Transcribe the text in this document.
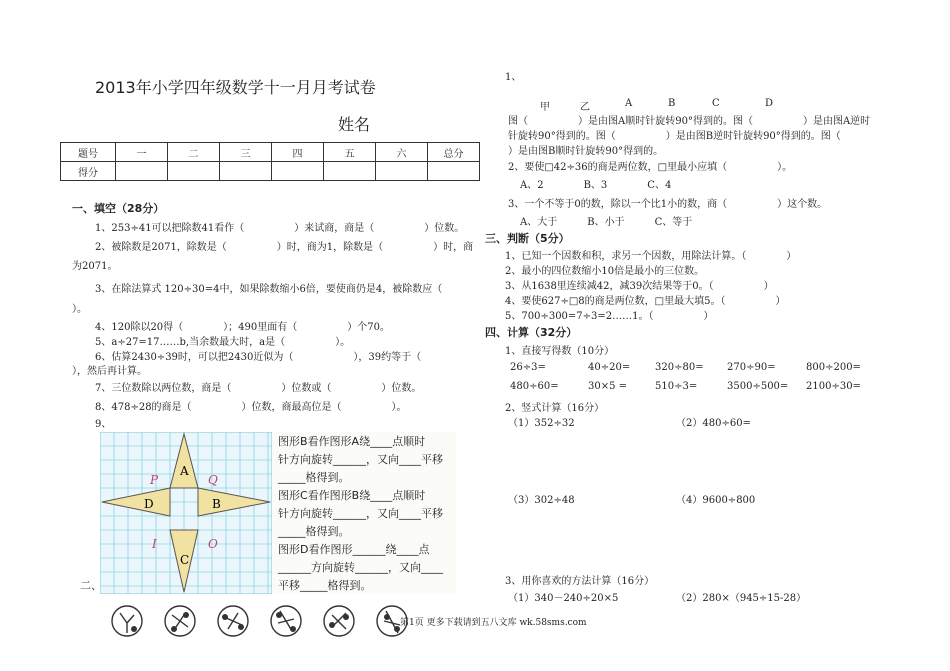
2013年小学四年级数学十一月月考试卷
姓名
题号	一	二	三	四	五	六	总分
得分							
一、填空（28分）
1、253÷41可以把除数41看作（　　　　　）来试商，商是（　　　　　）位数。
2、被除数是2071，除数是（　　　　　）时，商为1，除数是（　　　　　）时，商
为2071。
3、在除法算式 120÷30=4中，如果除数缩小6倍，要使商仍是4，被除数应（
）。
4、120除以20得（　　　　）；490里面有（　　　　　）个70。
5、a÷27=17……b,当余数最大时，a是（　　　　　）。
6、估算2430÷39时，可以把2430近似为（　　　　　　），39约等于（
），然后再计算。
7、三位数除以两位数，商是（　　　　　）位数或（　　　　　）位数。
8、478÷28的商是（　　　　　）位数，商最高位是（　　　　　）。
9、
A
B
C
D
P	Q
I	O
图形B看作图形A绕____点顺时
针方向旋转______，又向____平移
_____格得到。
图形C看作图形B绕____点顺时
针方向旋转______，又向____平移
_____格得到。
图形D看作图形______绕____点
______方向旋转______，又向____
平移_____格得到。
二、
1、
甲	乙	A	B	C	D
图（　　　　　）是由图A顺时针旋转90°得到的。图（　　　　　）是由图A逆时
针旋转90°得到的。图（　　　　　）是由图B逆时针旋转90°得到的。图（
）是由图B顺时针旋转90°得到的。
2、要使□42÷36的商是两位数，□里最小应填（　　　　　）。
A、2　　　　B、3　　　　C、4
3、一个不等于0的数，除以一个比1小的数，商（　　　　　）这个数。
A、大于　　　B、小于　　　C、等于
三、判断（5分）
1、已知一个因数和积，求另一个因数，用除法计算。（　　　　）
2、最小的四位数缩小10倍是最小的三位数。
3、从1638里连续减42，减39次结果等于0。（　　　　　）
4、要使627÷□8的商是两位数，□里最大填5。（　　　　　）
5、700÷300=7÷3=2……1。（　　　　　）
四、计算（32分）
1、直接写得数（10分）
26÷3=	40÷20= 320÷80= 270÷90=	800÷200=
480÷60=	30×5 =	510÷3=	3500÷500= 2100÷30=
2、竖式计算（16分）
（1）352÷32	（2）480÷60=
（3）302÷48	（4）9600÷800
3、用你喜欢的方法计算（16分）
（1）340－240÷20×5	（2）280×（945÷15-28）
第1页 更多下载请到五八文库 wk.58sms.com
